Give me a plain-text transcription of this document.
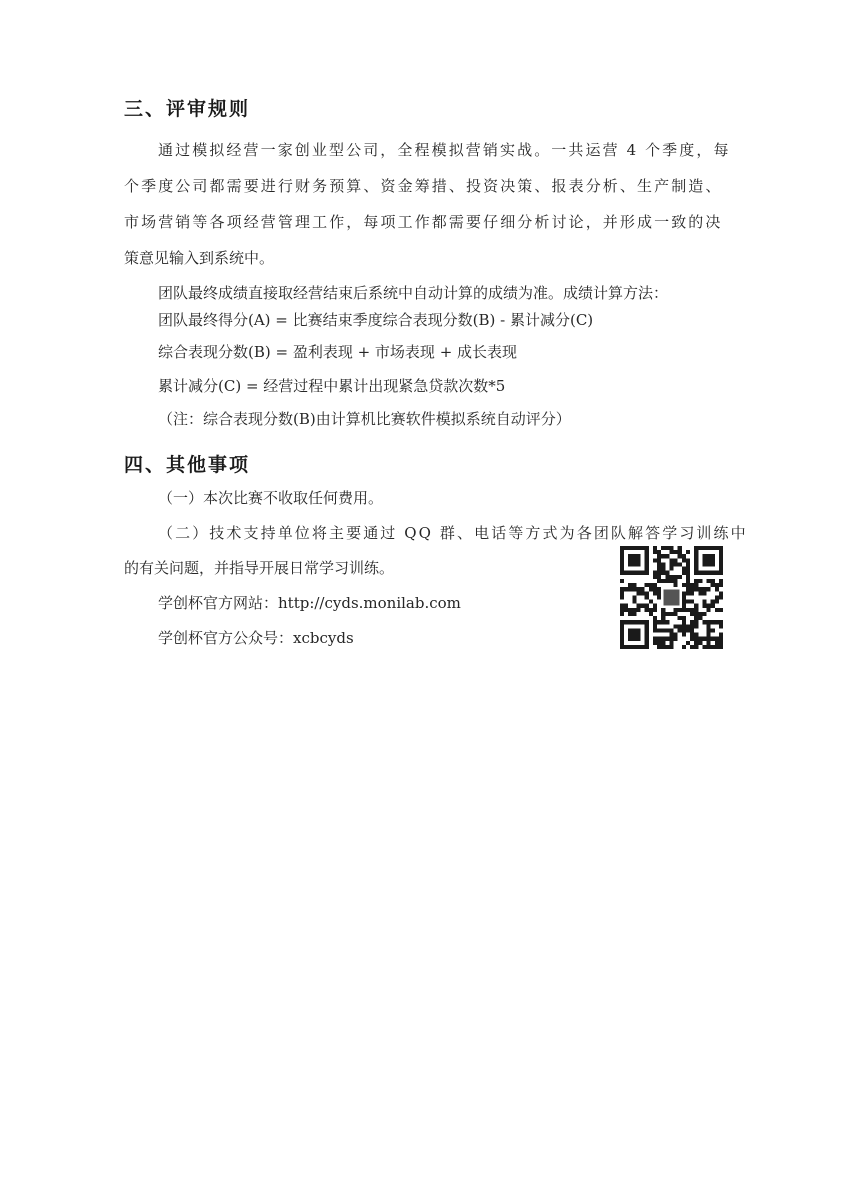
三、评审规则
通过模拟经营一家创业型公司，全程模拟营销实战。一共运营 4 个季度，每
个季度公司都需要进行财务预算、资金筹措、投资决策、报表分析、生产制造、
市场营销等各项经营管理工作，每项工作都需要仔细分析讨论，并形成一致的决
策意见输入到系统中。
团队最终成绩直接取经营结束后系统中自动计算的成绩为准。成绩计算方法：
团队最终得分(A) = 比赛结束季度综合表现分数(B) - 累计减分(C)
综合表现分数(B) = 盈利表现 + 市场表现 + 成长表现
累计减分(C) = 经营过程中累计出现紧急贷款次数*5
（注：综合表现分数(B)由计算机比赛软件模拟系统自动评分）
四、其他事项
（一）本次比赛不收取任何费用。
（二）技术支持单位将主要通过 QQ 群、电话等方式为各团队解答学习训练中
的有关问题，并指导开展日常学习训练。
学创杯官方网站：http://cyds.monilab.com
学创杯官方公众号：xcbcyds
